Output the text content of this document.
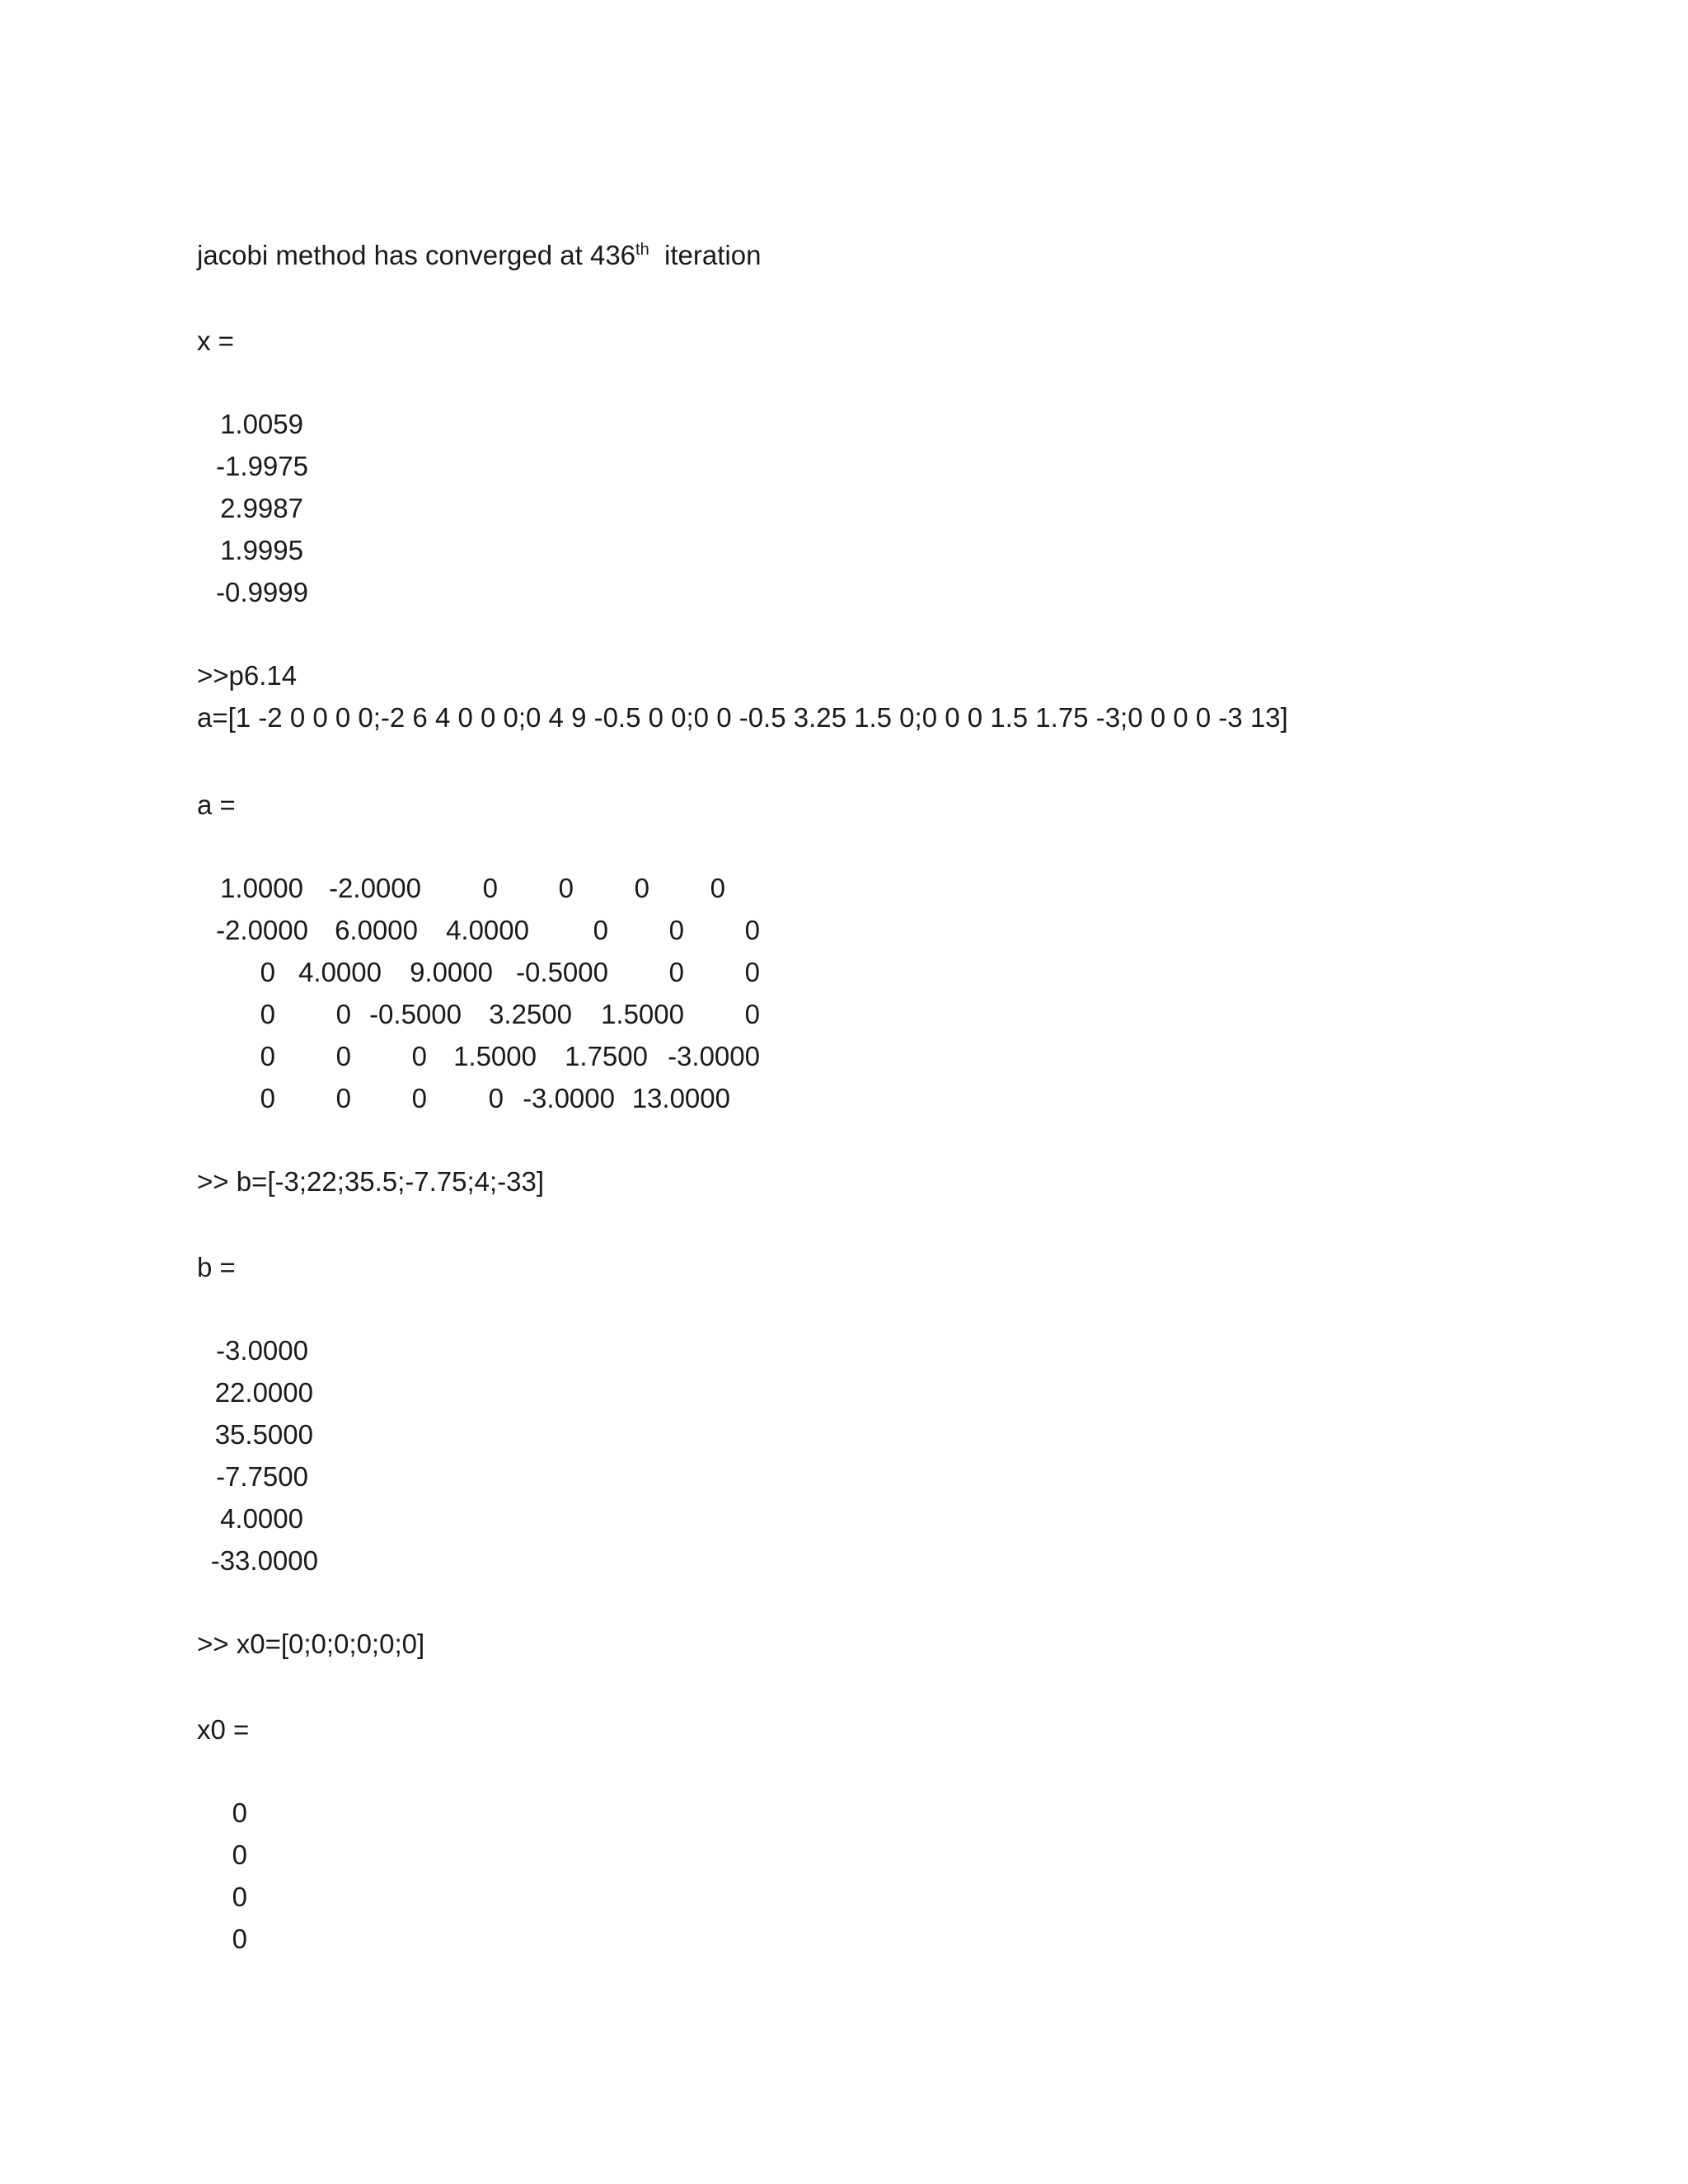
jacobi method has converged at 436th  iteration
x =
1.0059
-1.9975
2.9987
1.9995
-0.9999
>>p6.14
a=[1 -2 0 0 0 0;-2 6 4 0 0 0;0 4 9 -0.5 0 0;0 0 -0.5 3.25 1.5 0;0 0 0 1.5 1.75 -3;0 0 0 0 -3 13]
a =
1.0000 -2.0000 0 0 0 0
-2.0000 6.0000 4.0000 0 0 0
0 4.0000 9.0000 -0.5000 0 0
0 0 -0.5000 3.2500 1.5000 0
0 0 0 1.5000 1.7500 -3.0000
0 0 0 0 -3.0000 13.0000
>> b=[-3;22;35.5;-7.75;4;-33]
b =
-3.0000
22.0000
35.5000
-7.7500
4.0000
-33.0000
>> x0=[0;0;0;0;0;0]
x0 =
0
0
0
0
